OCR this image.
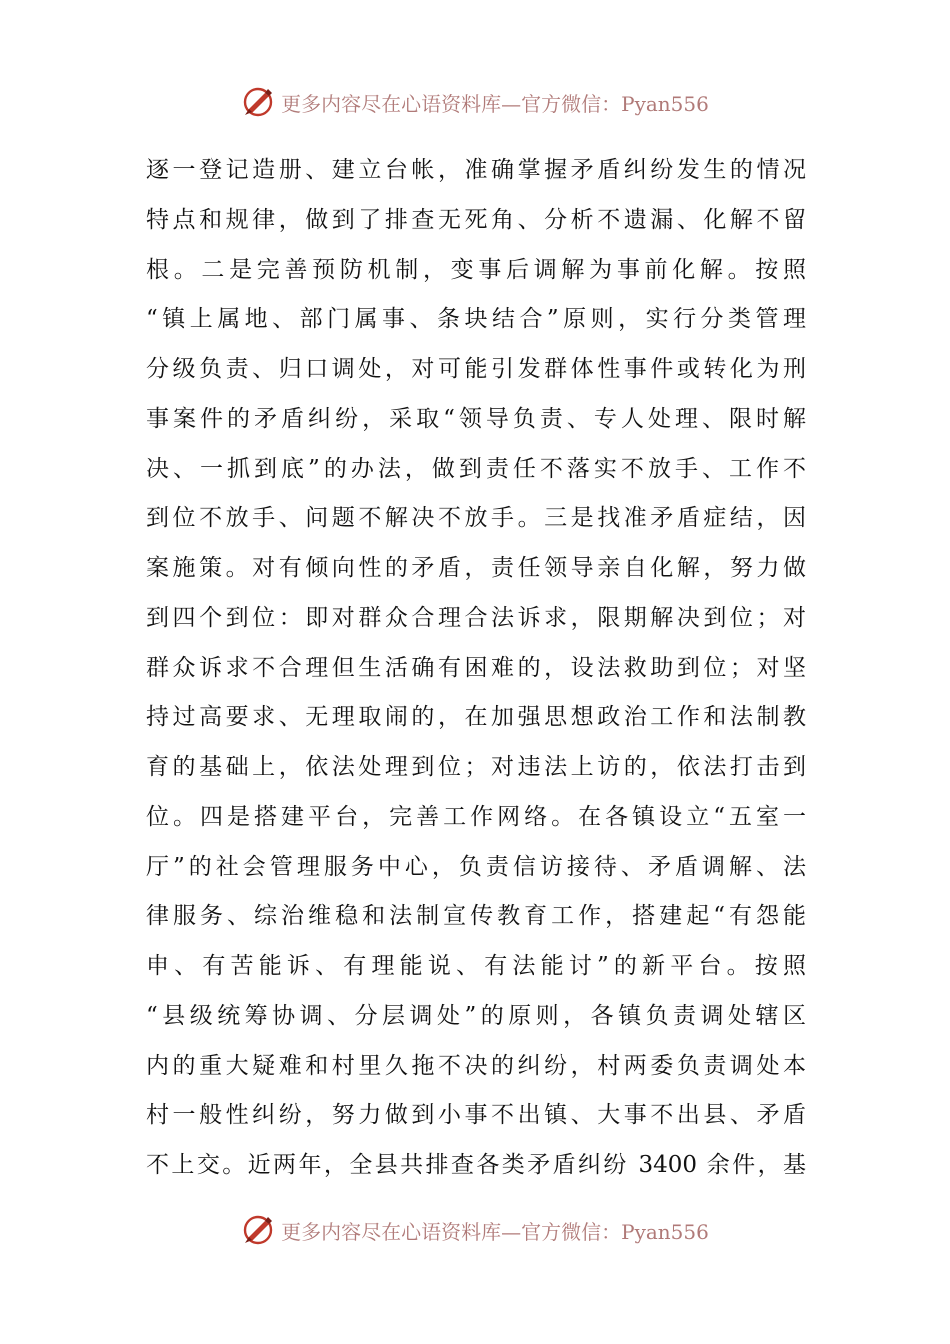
更多内容尽在心语资料库—官方微信：Pyan556
逐一登记造册、建立台帐，准确掌握矛盾纠纷发生的情况
特点和规律，做到了排查无死角、分析不遗漏、化解不留
根。二是完善预防机制，变事后调解为事前化解。按照
“镇上属地、部门属事、条块结合”原则，实行分类管理
分级负责、归口调处，对可能引发群体性事件或转化为刑
事案件的矛盾纠纷，采取“领导负责、专人处理、限时解
决、一抓到底”的办法，做到责任不落实不放手、工作不
到位不放手、问题不解决不放手。三是找准矛盾症结，因
案施策。对有倾向性的矛盾，责任领导亲自化解，努力做
到四个到位：即对群众合理合法诉求，限期解决到位；对
群众诉求不合理但生活确有困难的，设法救助到位；对坚
持过高要求、无理取闹的，在加强思想政治工作和法制教
育的基础上，依法处理到位；对违法上访的，依法打击到
位。四是搭建平台，完善工作网络。在各镇设立“五室一
厅”的社会管理服务中心，负责信访接待、矛盾调解、法
律服务、综治维稳和法制宣传教育工作，搭建起“有怨能
申、有苦能诉、有理能说、有法能讨”的新平台。按照
“县级统筹协调、分层调处”的原则，各镇负责调处辖区
内的重大疑难和村里久拖不决的纠纷，村两委负责调处本
村一般性纠纷，努力做到小事不出镇、大事不出县、矛盾
不上交。近两年，全县共排查各类矛盾纠纷 3400 余件，基
更多内容尽在心语资料库—官方微信：Pyan556
